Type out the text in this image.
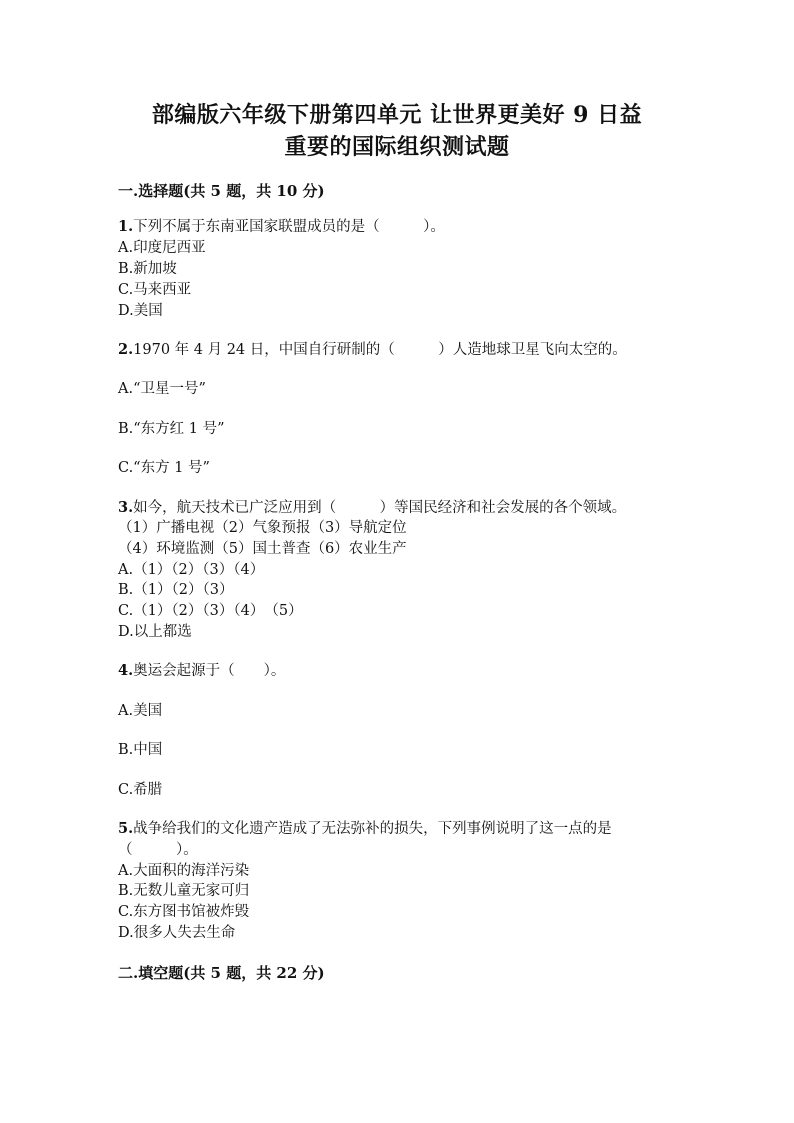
部编版六年级下册第四单元 让世界更美好 9 日益
重要的国际组织测试题
一.选择题(共 5 题，共 10 分)
1.下列不属于东南亚国家联盟成员的是（　　　）。
A.印度尼西亚
B.新加坡
C.马来西亚
D.美国
2.1970 年 4 月 24 日，中国自行研制的（　　　）人造地球卫星飞向太空的。
A.“卫星一号”
B.“东方红 1 号”
C.“东方 1 号”
3.如今，航天技术已广泛应用到（　　　）等国民经济和社会发展的各个领域。
（1）广播电视（2）气象预报（3）导航定位
（4）环境监测（5）国土普查（6）农业生产
A.（1）（2）（3）（4）
B.（1）（2）（3）
C.（1）（2）（3）（4）　（5）
D.以上都选
4.奥运会起源于（　　）。
A.美国
B.中国
C.希腊
5.战争给我们的文化遗产造成了无法弥补的损失，下列事例说明了这一点的是
（　　　）。
A.大面积的海洋污染
B.无数儿童无家可归
C.东方图书馆被炸毁
D.很多人失去生命
二.填空题(共 5 题，共 22 分)
